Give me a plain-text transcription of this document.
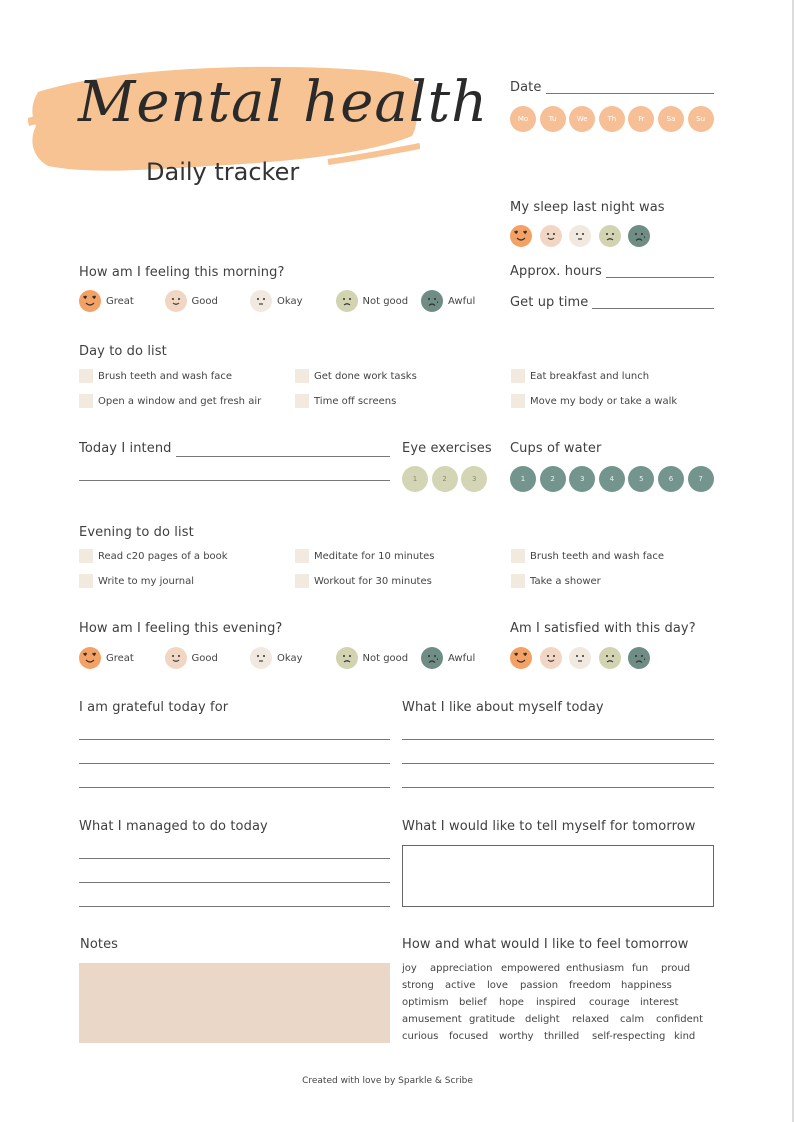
Mental health
Daily tracker
Date
Mo	Tu	We	Th	Fr	Sa	Su
My sleep last night was
Approx. hours
Get up time
How am I feeling this morning?
Great	Good	Okay	Not good	Awful
Day to do list
Brush teeth and wash face
Open a window and get fresh air
Get done work tasks
Time off screens
Eat breakfast and lunch
Move my body or take a walk
Today I intend	Eye exercises
1	2	3
Cups of water
1	2	3	4	5	6	7
Evening to do list
Read c20 pages of a book
Write to my journal
Meditate for 10 minutes
Workout for 30 minutes
Brush teeth and wash face
Take a shower
How am I feeling this evening?
Great	Good	Okay	Not good	Awful
Am I satisfied with this day?
I am grateful today for	What I like about myself today
What I managed to do today	What I would like to tell myself for tomorrow
Notes	How and what would I like to feel tomorrow
joy appreciation empowered enthusiasm fun proud
strong active love passion freedom happiness
optimism belief hope inspired courage interest
amusement gratitude delight relaxed calm confident
curious focused worthy thrilled self-respecting kind
Created with love by Sparkle & Scribe
